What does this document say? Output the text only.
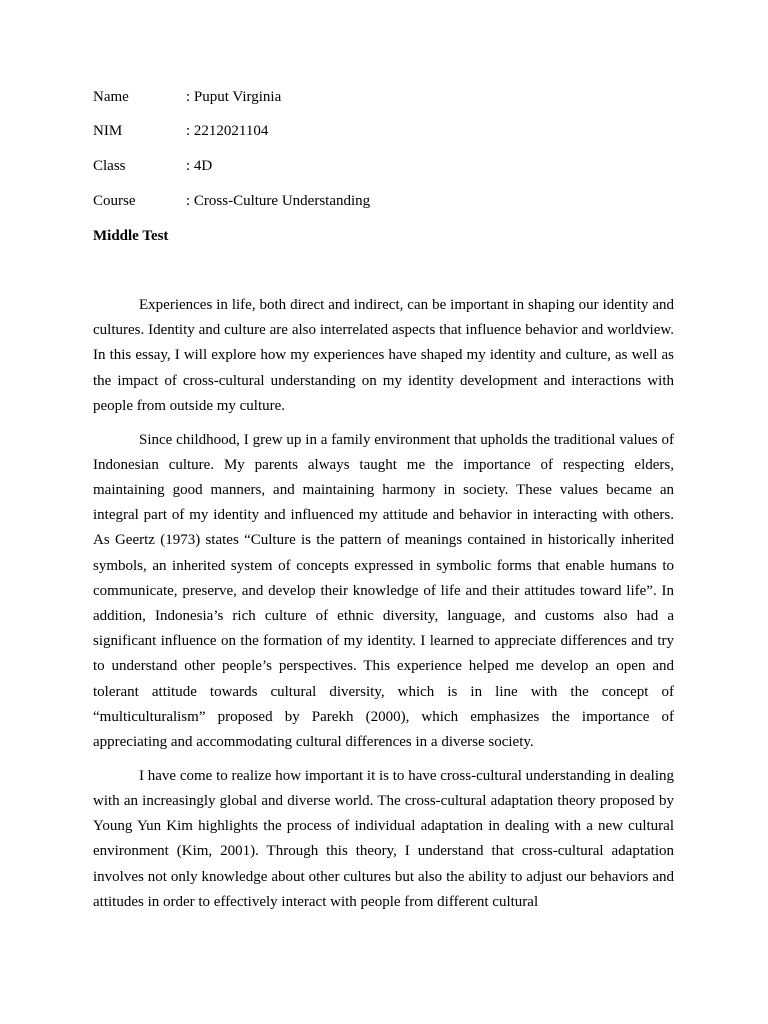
Name	: Puput Virginia
NIM	: 2212021104
Class	: 4D
Course	: Cross-Culture Understanding
Middle Test

Experiences in life, both direct and indirect, can be important in shaping our identity and cultures. Identity and culture are also interrelated aspects that influence behavior and worldview. In this essay, I will explore how my experiences have shaped my identity and culture, as well as the impact of cross-cultural understanding on my identity development and interactions with people from outside my culture.

Since childhood, I grew up in a family environment that upholds the traditional values of Indonesian culture. My parents always taught me the importance of respecting elders, maintaining good manners, and maintaining harmony in society. These values became an integral part of my identity and influenced my attitude and behavior in interacting with others. As Geertz (1973) states “Culture is the pattern of meanings contained in historically inherited symbols, an inherited system of concepts expressed in symbolic forms that enable humans to communicate, preserve, and develop their knowledge of life and their attitudes toward life”. In addition, Indonesia’s rich culture of ethnic diversity, language, and customs also had a significant influence on the formation of my identity. I learned to appreciate differences and try to understand other people’s perspectives. This experience helped me develop an open and tolerant attitude towards cultural diversity, which is in line with the concept of “multiculturalism” proposed by Parekh (2000), which emphasizes the importance of appreciating and accommodating cultural differences in a diverse society.

I have come to realize how important it is to have cross-cultural understanding in dealing with an increasingly global and diverse world. The cross-cultural adaptation theory proposed by Young Yun Kim highlights the process of individual adaptation in dealing with a new cultural environment (Kim, 2001). Through this theory, I understand that cross-cultural adaptation involves not only knowledge about other cultures but also the ability to adjust our behaviors and attitudes in order to effectively interact with people from different cultural
